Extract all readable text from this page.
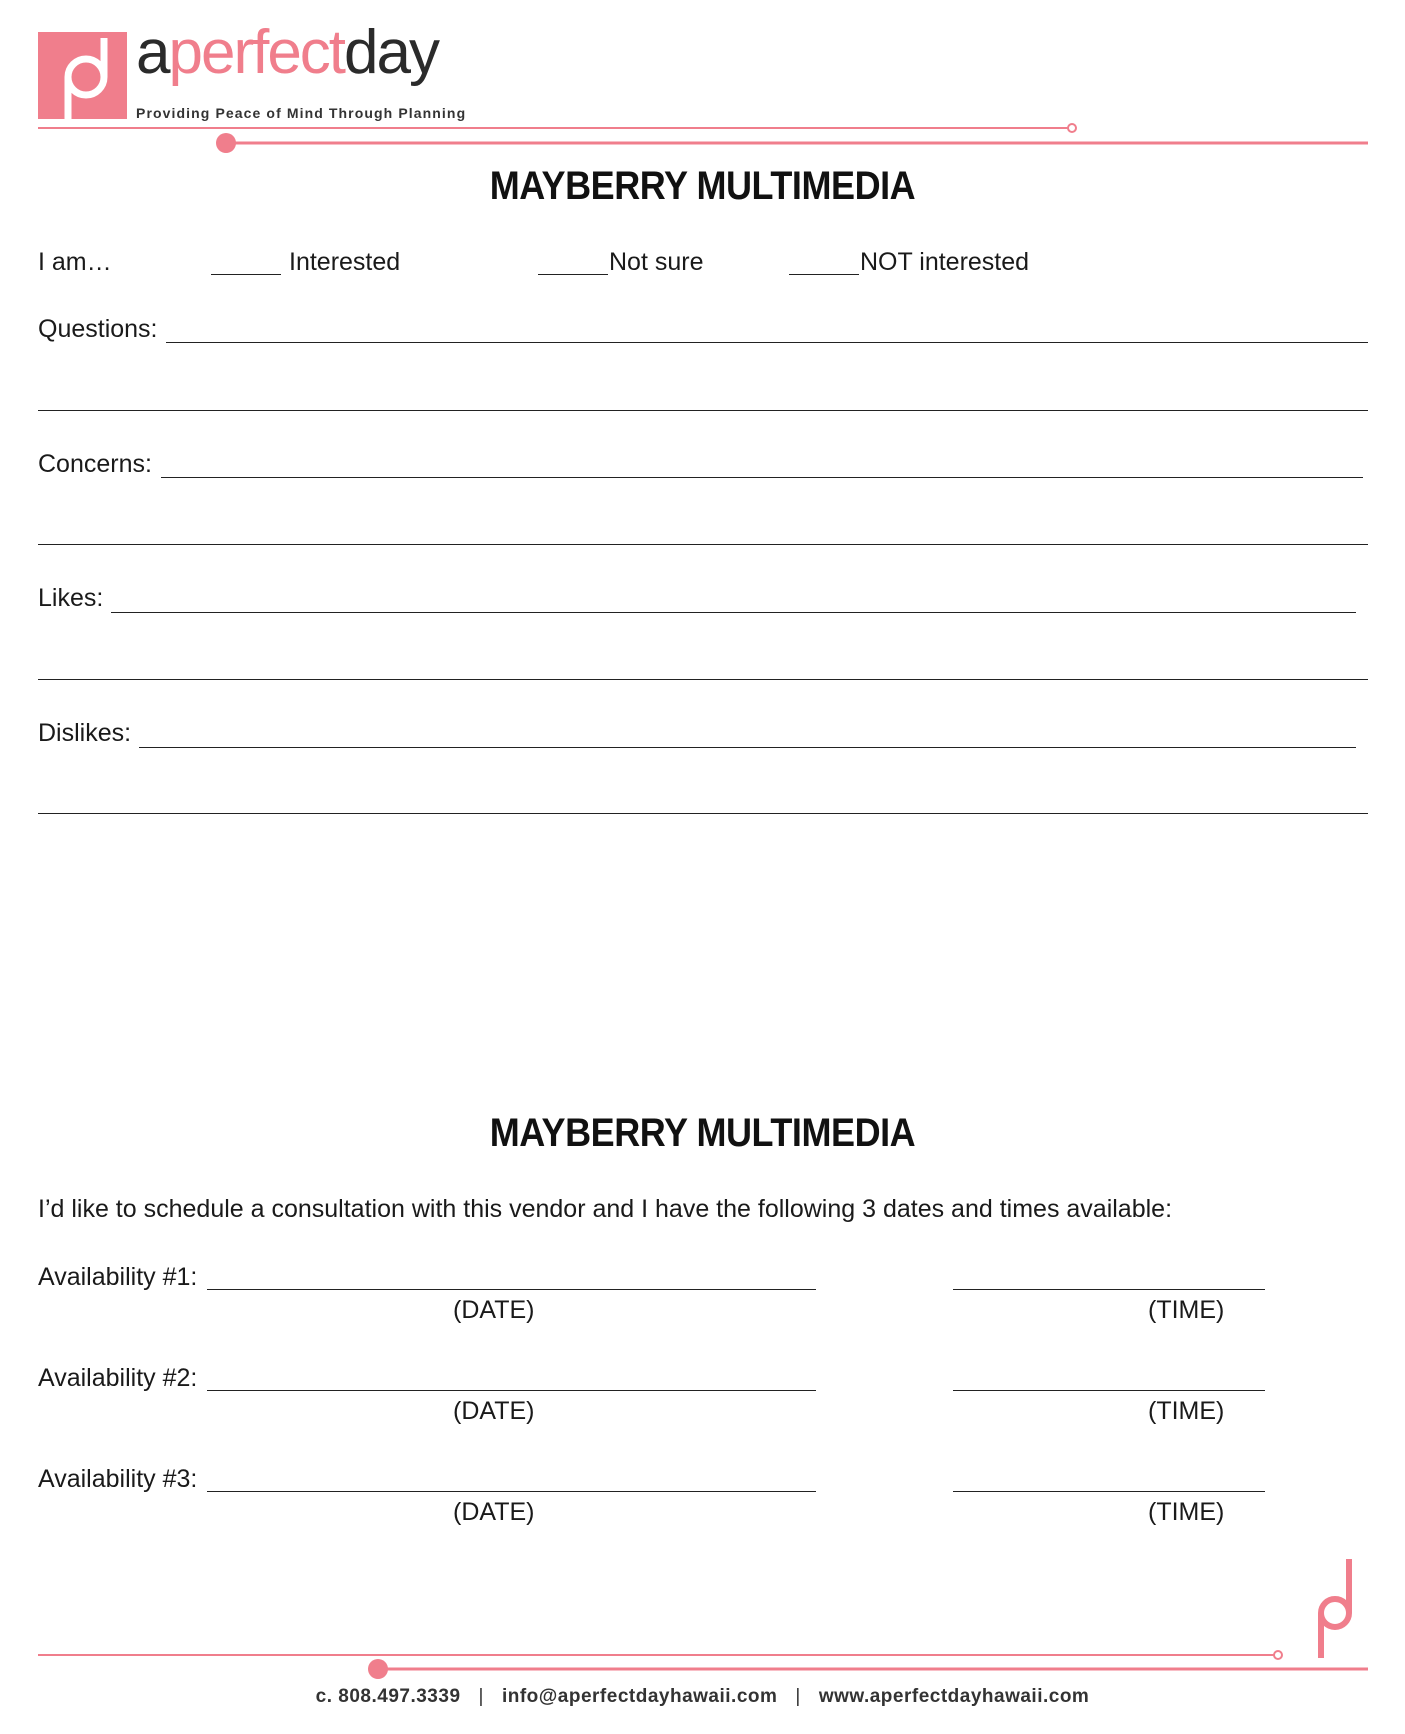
aperfectday
Providing Peace of Mind Through Planning
MAYBERRY MULTIMEDIA
I am…	Interested	Not sure	NOT interested
Questions:
Concerns:
Likes:
Dislikes:
MAYBERRY MULTIMEDIA
I’d like to schedule a consultation with this vendor and I have the following 3 dates and times available:
Availability #1:
(DATE)	(TIME)
Availability #2:
(DATE)	(TIME)
Availability #3:
(DATE)	(TIME)
c. 808.497.3339 | info@aperfectdayhawaii.com | www.aperfectdayhawaii.com
